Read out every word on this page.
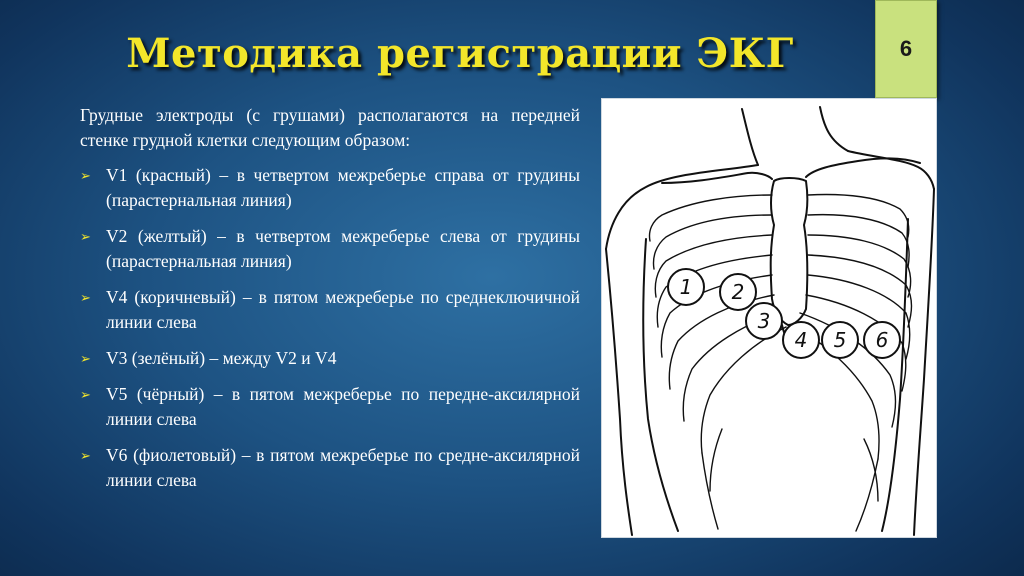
Методика регистрации ЭКГ	6

Грудные электроды (с грушами) располагаются на передней стенке грудной клетки следующим образом:

➢ V1 (красный) – в четвертом межреберье справа от грудины (парастернальная линия)
➢ V2 (желтый) – в четвертом межреберье слева от грудины (парастернальная линия)
➢ V4 (коричневый) – в пятом межреберье по среднеключичной линии слева
➢ V3 (зелёный) – между V2 и V4
➢ V5 (чёрный) – в пятом межреберье по передне-аксилярной линии слева
➢ V6 (фиолетовый) – в пятом межреберье по средне-аксилярной линии слева
1 2
3
4 5 6
